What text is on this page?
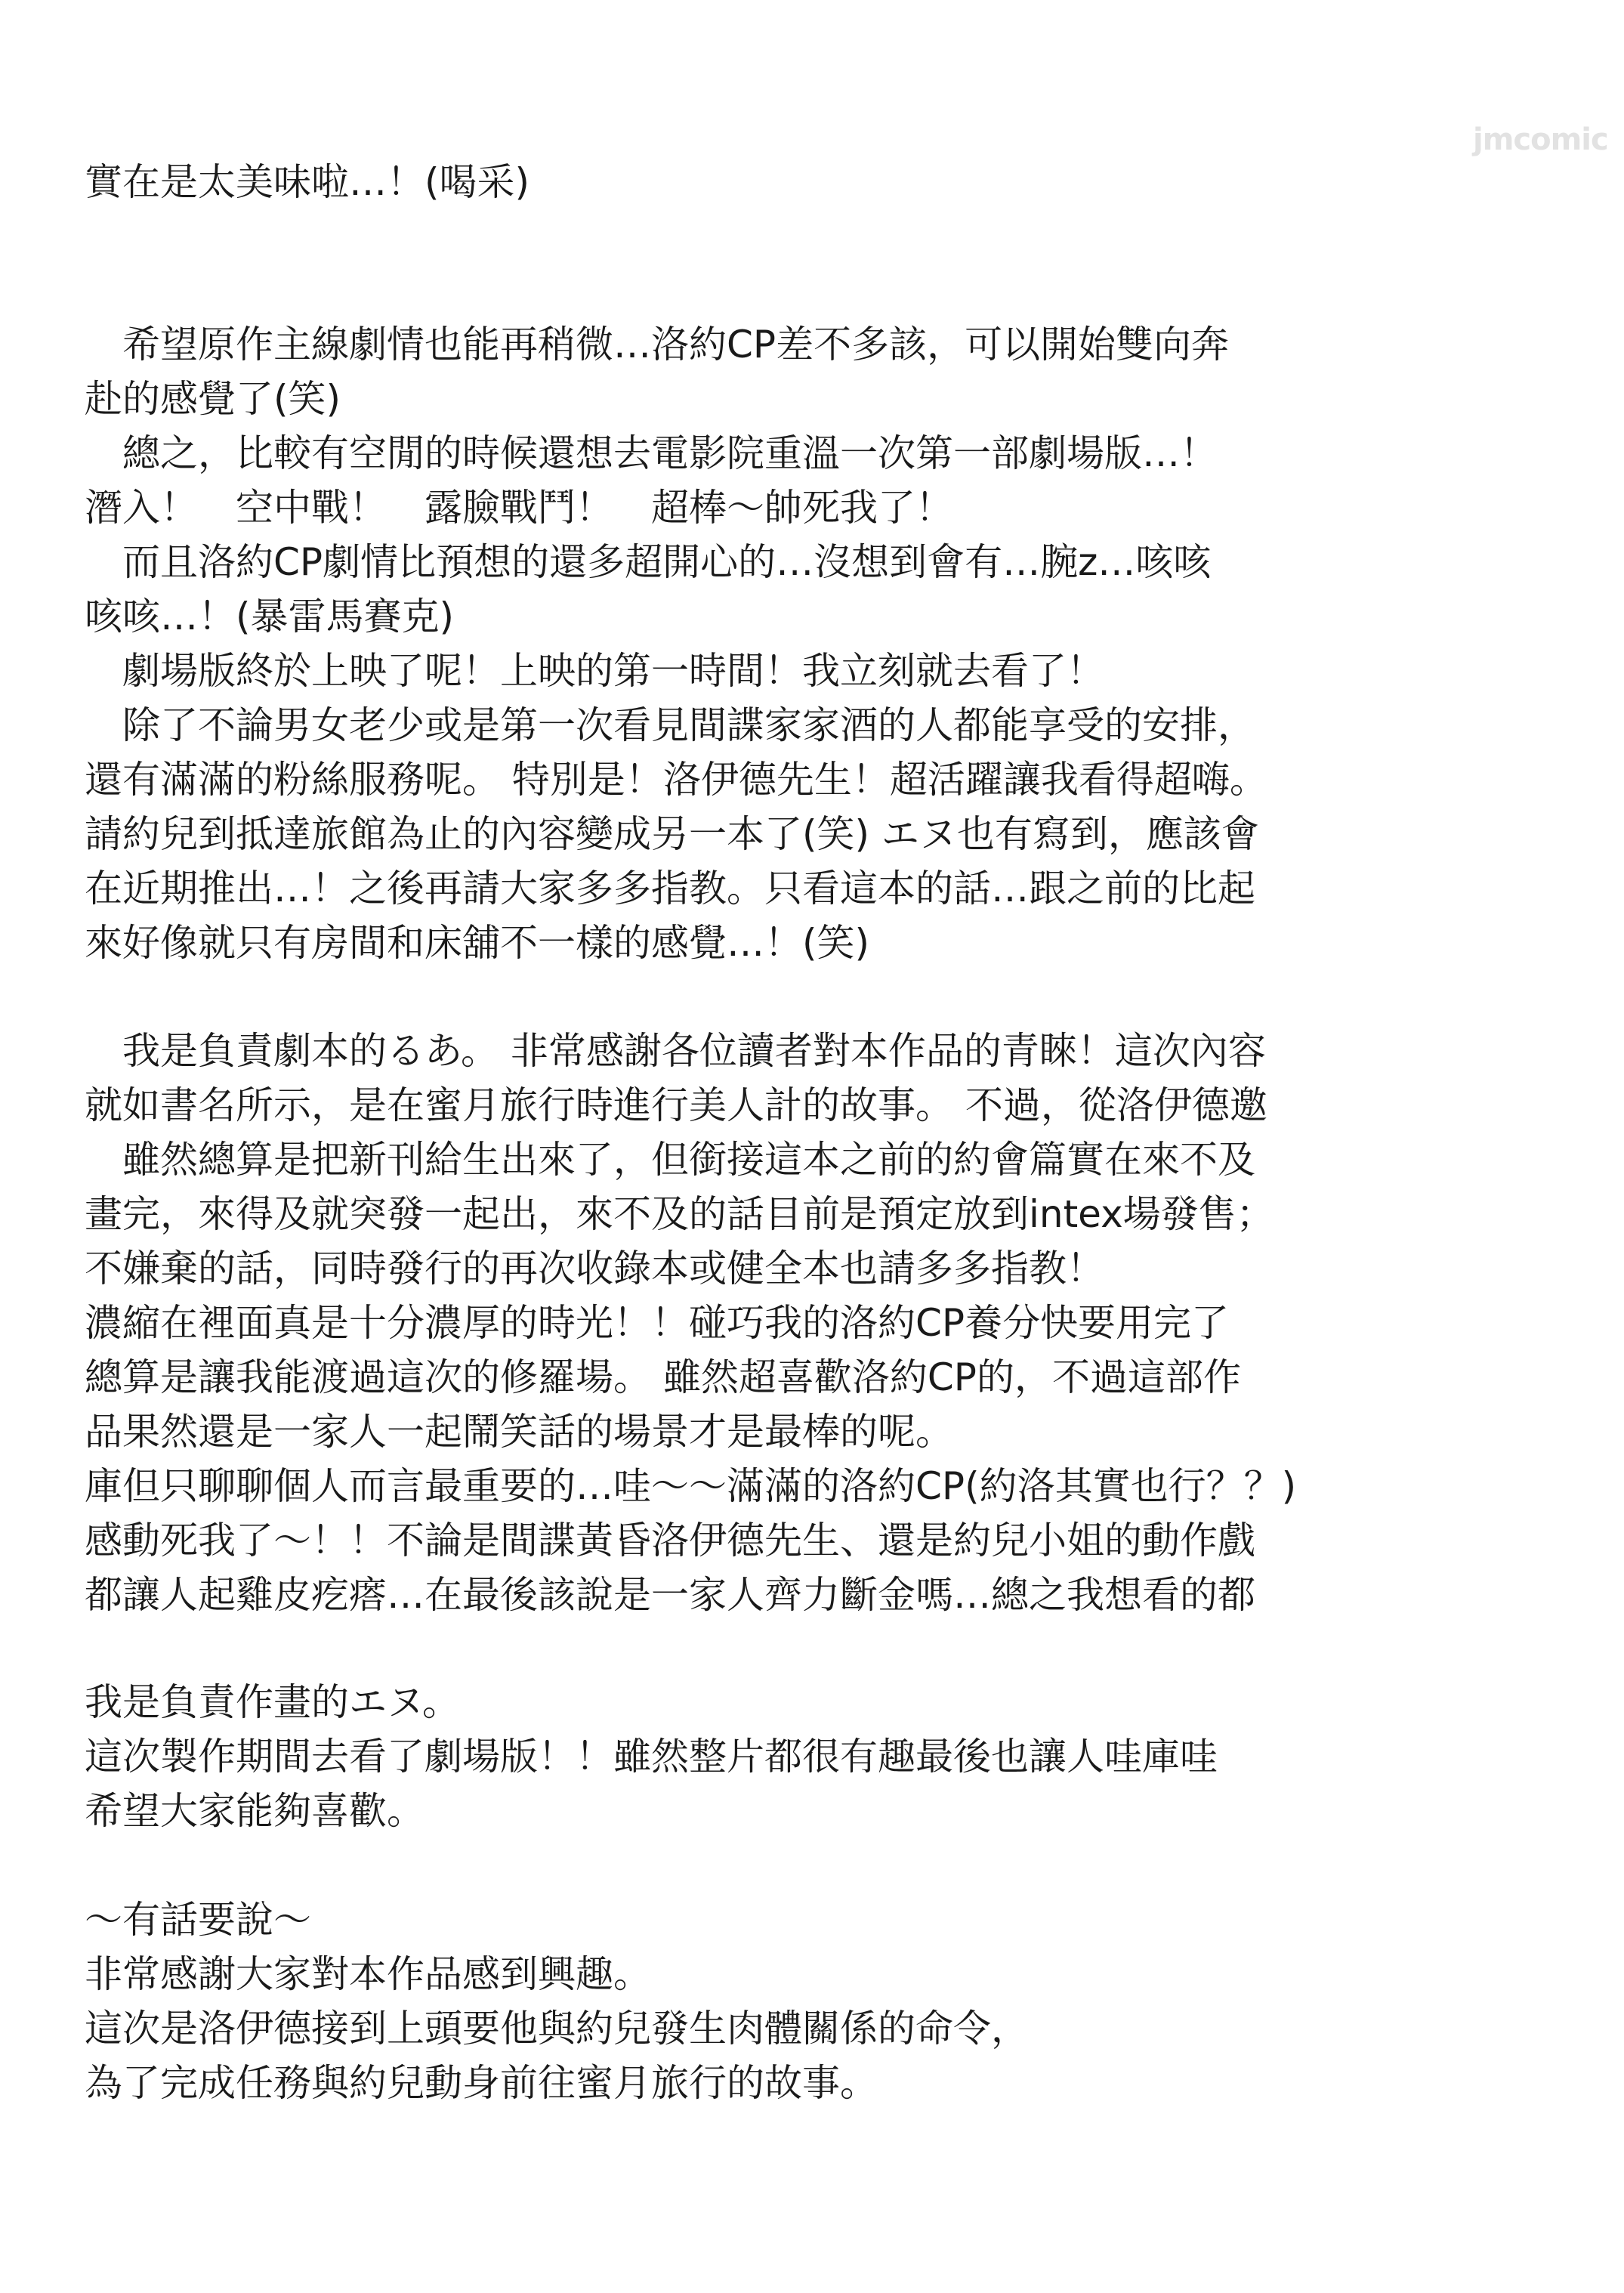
jmcomic
實在是太美味啦…！(喝采)
　希望原作主線劇情也能再稍微…洛約CP差不多該，可以開始雙向奔
赴的感覺了(笑)
　總之，比較有空閒的時候還想去電影院重溫一次第一部劇場版…！
潛入！　空中戰！　露臉戰鬥！　超棒～帥死我了！
　而且洛約CP劇情比預想的還多超開心的…沒想到會有…腕z…咳咳
咳咳…！(暴雷馬賽克)
　劇場版終於上映了呢！上映的第一時間！我立刻就去看了！
　除了不論男女老少或是第一次看見間諜家家酒的人都能享受的安排，
還有滿滿的粉絲服務呢。 特別是！洛伊德先生！超活躍讓我看得超嗨。
請約兒到抵達旅館為止的內容變成另一本了(笑) エヌ也有寫到，應該會
在近期推出…！之後再請大家多多指教。只看這本的話…跟之前的比起
來好像就只有房間和床舖不一樣的感覺…！(笑)
　我是負責劇本的るあ。 非常感謝各位讀者對本作品的青睞！這次內容
就如書名所示，是在蜜月旅行時進行美人計的故事。 不過，從洛伊德邀
　雖然總算是把新刊給生出來了，但銜接這本之前的約會篇實在來不及
畫完，來得及就突發一起出，來不及的話目前是預定放到intex場發售；
不嫌棄的話，同時發行的再次收錄本或健全本也請多多指教！
濃縮在裡面真是十分濃厚的時光！！碰巧我的洛約CP養分快要用完了
總算是讓我能渡過這次的修羅場。 雖然超喜歡洛約CP的，不過這部作
品果然還是一家人一起鬧笑話的場景才是最棒的呢。
庫但只聊聊個人而言最重要的…哇～～滿滿的洛約CP(約洛其實也行？？)
感動死我了～！！不論是間諜黃昏洛伊德先生、還是約兒小姐的動作戲
都讓人起雞皮疙瘩…在最後該說是一家人齊力斷金嗎…總之我想看的都
我是負責作畫的エヌ。
這次製作期間去看了劇場版！！雖然整片都很有趣最後也讓人哇庫哇
希望大家能夠喜歡。
～有話要說～
非常感謝大家對本作品感到興趣。
這次是洛伊德接到上頭要他與約兒發生肉體關係的命令，
為了完成任務與約兒動身前往蜜月旅行的故事。
